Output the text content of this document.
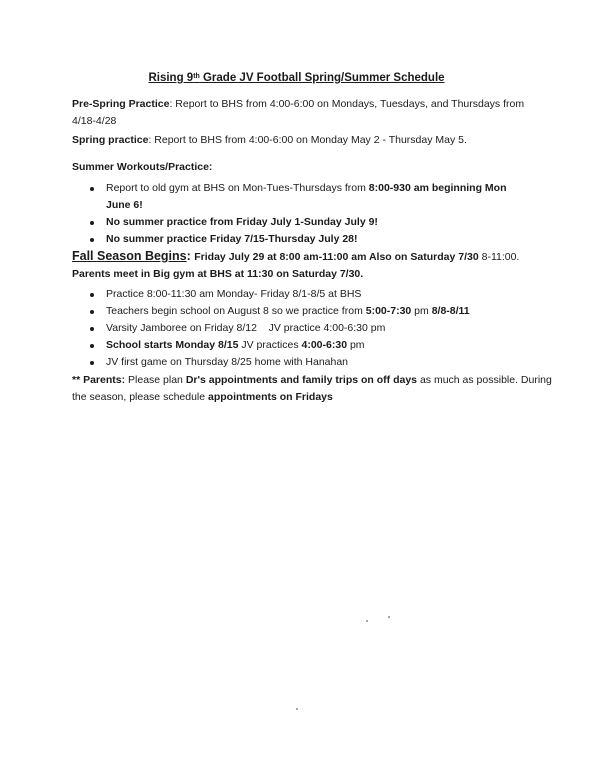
Rising 9th Grade JV Football Spring/Summer Schedule
Pre-Spring Practice: Report to BHS from 4:00-6:00 on Mondays, Tuesdays, and Thursdays from 4/18-4/28
Spring practice: Report to BHS from 4:00-6:00 on Monday May 2 - Thursday May 5.
Summer Workouts/Practice:
Report to old gym at BHS on Mon-Tues-Thursdays from 8:00-930 am beginning Mon June 6!
No summer practice from Friday July 1-Sunday July 9!
No summer practice Friday 7/15-Thursday July 28!
Fall Season Begins: Friday July 29 at 8:00 am-11:00 am Also on Saturday 7/30 8-11:00.
Parents meet in Big gym at BHS at 11:30 on Saturday 7/30.
Practice 8:00-11:30 am Monday- Friday 8/1-8/5 at BHS
Teachers begin school on August 8 so we practice from 5:00-7:30 pm 8/8-8/11
Varsity Jamboree on Friday 8/12    JV practice 4:00-6:30 pm
School starts Monday 8/15 JV practices 4:00-6:30 pm
JV first game on Thursday 8/25 home with Hanahan
** Parents: Please plan Dr's appointments and family trips on off days as much as possible. During the season, please schedule appointments on Fridays
